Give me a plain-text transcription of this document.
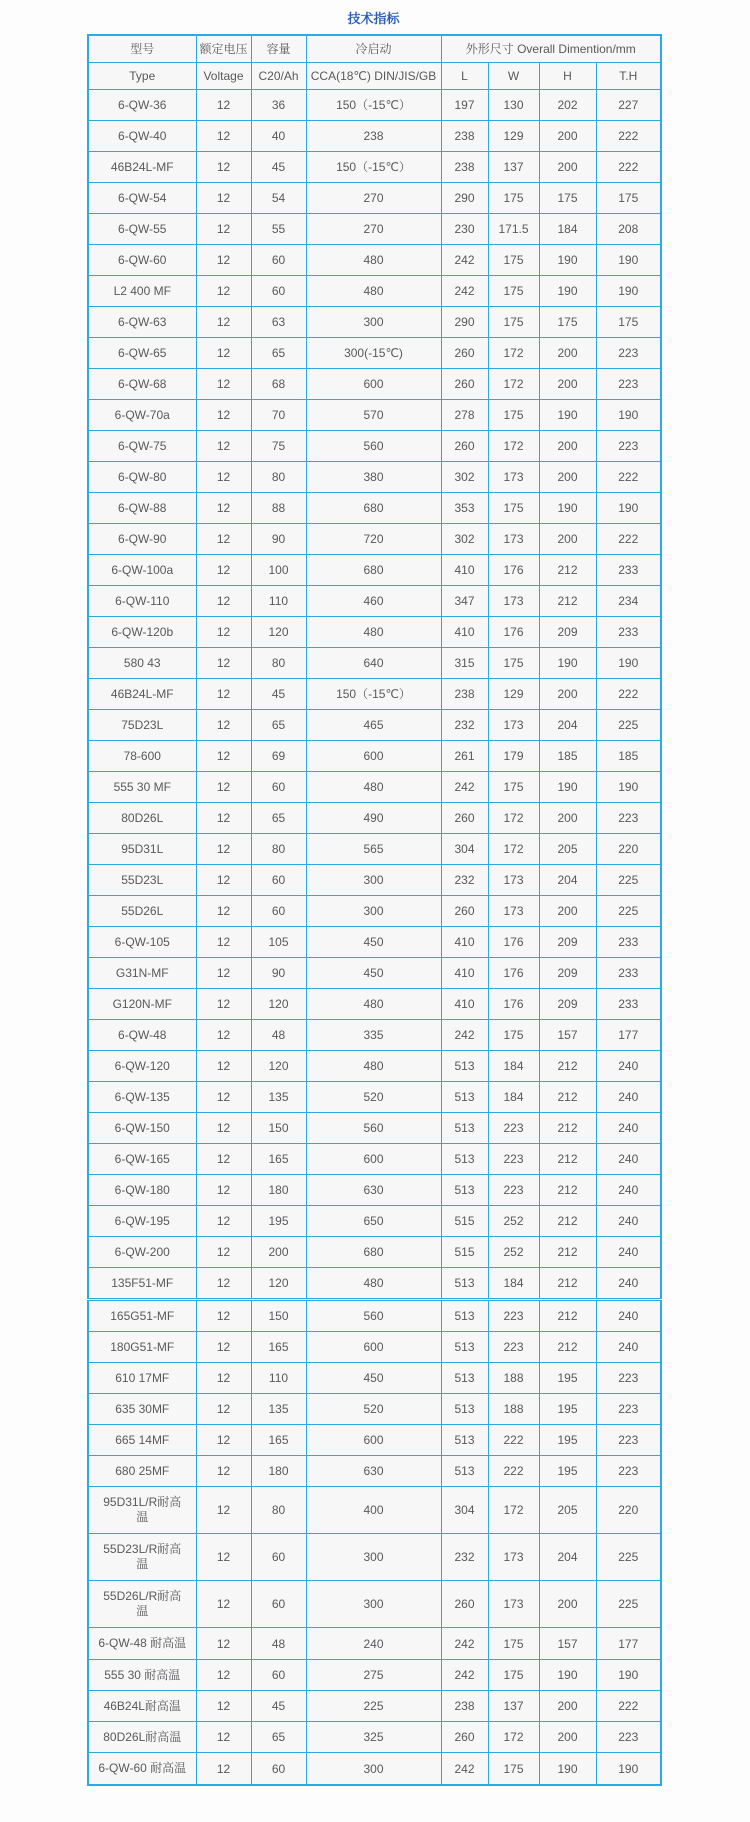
技术指标
型号	额定电压	容量	冷启动	外形尺寸 Overall Dimention/mm			
Type	Voltage	C20/Ah	CCA(18℃) DIN/JIS/GB	L	W	H	T.H
6-QW-36	12	36	150（-15℃）	197	130	202	227
6-QW-40	12	40	238	238	129	200	222
46B24L-MF	12	45	150（-15℃）	238	137	200	222
6-QW-54	12	54	270	290	175	175	175
6-QW-55	12	55	270	230	171.5	184	208
6-QW-60	12	60	480	242	175	190	190
L2 400 MF	12	60	480	242	175	190	190
6-QW-63	12	63	300	290	175	175	175
6-QW-65	12	65	300(-15℃)	260	172	200	223
6-QW-68	12	68	600	260	172	200	223
6-QW-70a	12	70	570	278	175	190	190
6-QW-75	12	75	560	260	172	200	223
6-QW-80	12	80	380	302	173	200	222
6-QW-88	12	88	680	353	175	190	190
6-QW-90	12	90	720	302	173	200	222
6-QW-100a	12	100	680	410	176	212	233
6-QW-110	12	110	460	347	173	212	234
6-QW-120b	12	120	480	410	176	209	233
580 43	12	80	640	315	175	190	190
46B24L-MF	12	45	150（-15℃）	238	129	200	222
75D23L	12	65	465	232	173	204	225
78-600	12	69	600	261	179	185	185
555 30 MF	12	60	480	242	175	190	190
80D26L	12	65	490	260	172	200	223
95D31L	12	80	565	304	172	205	220
55D23L	12	60	300	232	173	204	225
55D26L	12	60	300	260	173	200	225
6-QW-105	12	105	450	410	176	209	233
G31N-MF	12	90	450	410	176	209	233
G120N-MF	12	120	480	410	176	209	233
6-QW-48	12	48	335	242	175	157	177
6-QW-120	12	120	480	513	184	212	240
6-QW-135	12	135	520	513	184	212	240
6-QW-150	12	150	560	513	223	212	240
6-QW-165	12	165	600	513	223	212	240
6-QW-180	12	180	630	513	223	212	240
6-QW-195	12	195	650	515	252	212	240
6-QW-200	12	200	680	515	252	212	240
135F51-MF	12	120	480	513	184	212	240
165G51-MF	12	150	560	513	223	212	240
180G51-MF	12	165	600	513	223	212	240
610 17MF	12	110	450	513	188	195	223
635 30MF	12	135	520	513	188	195	223
665 14MF	12	165	600	513	222	195	223
680 25MF	12	180	630	513	222	195	223
95D31L/R耐高温	12	80	400	304	172	205	220
55D23L/R耐高温	12	60	300	232	173	204	225
55D26L/R耐高温	12	60	300	260	173	200	225
6-QW-48 耐高温	12	48	240	242	175	157	177
555 30 耐高温	12	60	275	242	175	190	190
46B24L耐高温	12	45	225	238	137	200	222
80D26L耐高温	12	65	325	260	172	200	223
6-QW-60 耐高温	12	60	300	242	175	190	190
